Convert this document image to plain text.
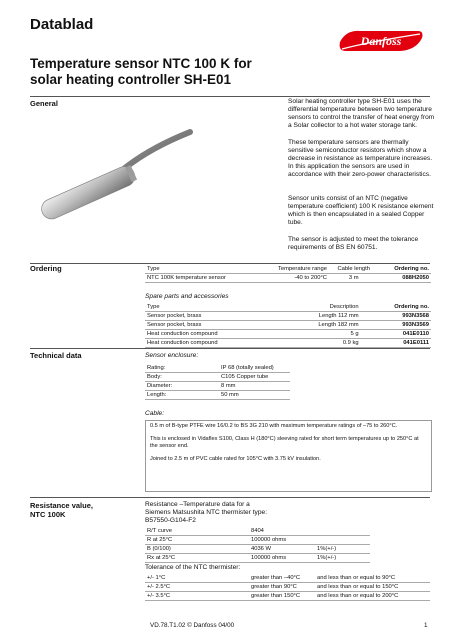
Datablad
Temperature sensor NTC 100 K for
solar heating controller SH-E01
Danfoss
General	Solar heating controller type SH-E01 uses the differential temperature between two temperature sensors to control the transfer of heat energy from a Solar collector to a hot water storage tank.
These temperature sensors are thermally sensitive semiconductor resistors which show a decrease in resistance as temperature increases. In this application the sensors are used in accordance with their zero-power characteristics.
Sensor units consist of an NTC (negative temperature coefficient) 100 K resistance element which is then encapsulated in a sealed Copper tube.
The sensor is adjusted to meet the tolerance requirements of BS EN 60751.
Ordering	Type	Temperature range	Cable length	Ordering no.
NTC 100K temperature sensor	-40 to 200°C	3 m	088H2050
Spare parts and accessories
Type	Description	Ordering no.
Sensor pocket, brass	Length 112 mm	993N3568
Sensor pocket, brass	Length 182 mm	993N3569
Heat conduction compound	5 g	041E0110
Heat conduction compound	0.9 kg	041E0111
Technical data	Sensor enclosure:
Rating:	IP 68 (totally sealed)
Body:	C105 Copper tube
Diameter:	8 mm
Length:	50 mm
Cable:
0.5 m of B-type PTFE wire 16/0.2 to BS 3G 210 with maximum temperature ratings of –75 to 260°C.
This is enclosed in Vidaflex S100, Class H (180°C) sleeving rated for short term temperatures up to 250°C at the sensor end.
Joined to 2.5 m of PVC cable rated for 105°C with 3.75 kV insulation.
Resistance value,
NTC 100K
Resistance –Temperature data for a
Siemens Matsushita NTC thermister type:
B57550-G104-F2
R/T curve	8404	
R at 25°C	100000 ohms	
B (0/100)	4036 W	1%(+/-)
Rx at 25°C	100000 ohms	1%(+/-)
Tolerance of the NTC thermister:
+/- 1°C	greater than –40°C	and less than or equal to 90°C
+/- 2.5°C	greater than 90°C	and less than or equal to 150°C
+/- 3.5°C	greater than 150°C	and less than or equal to 200°C
VD.78.T1.02 © Danfoss 04/00	1
